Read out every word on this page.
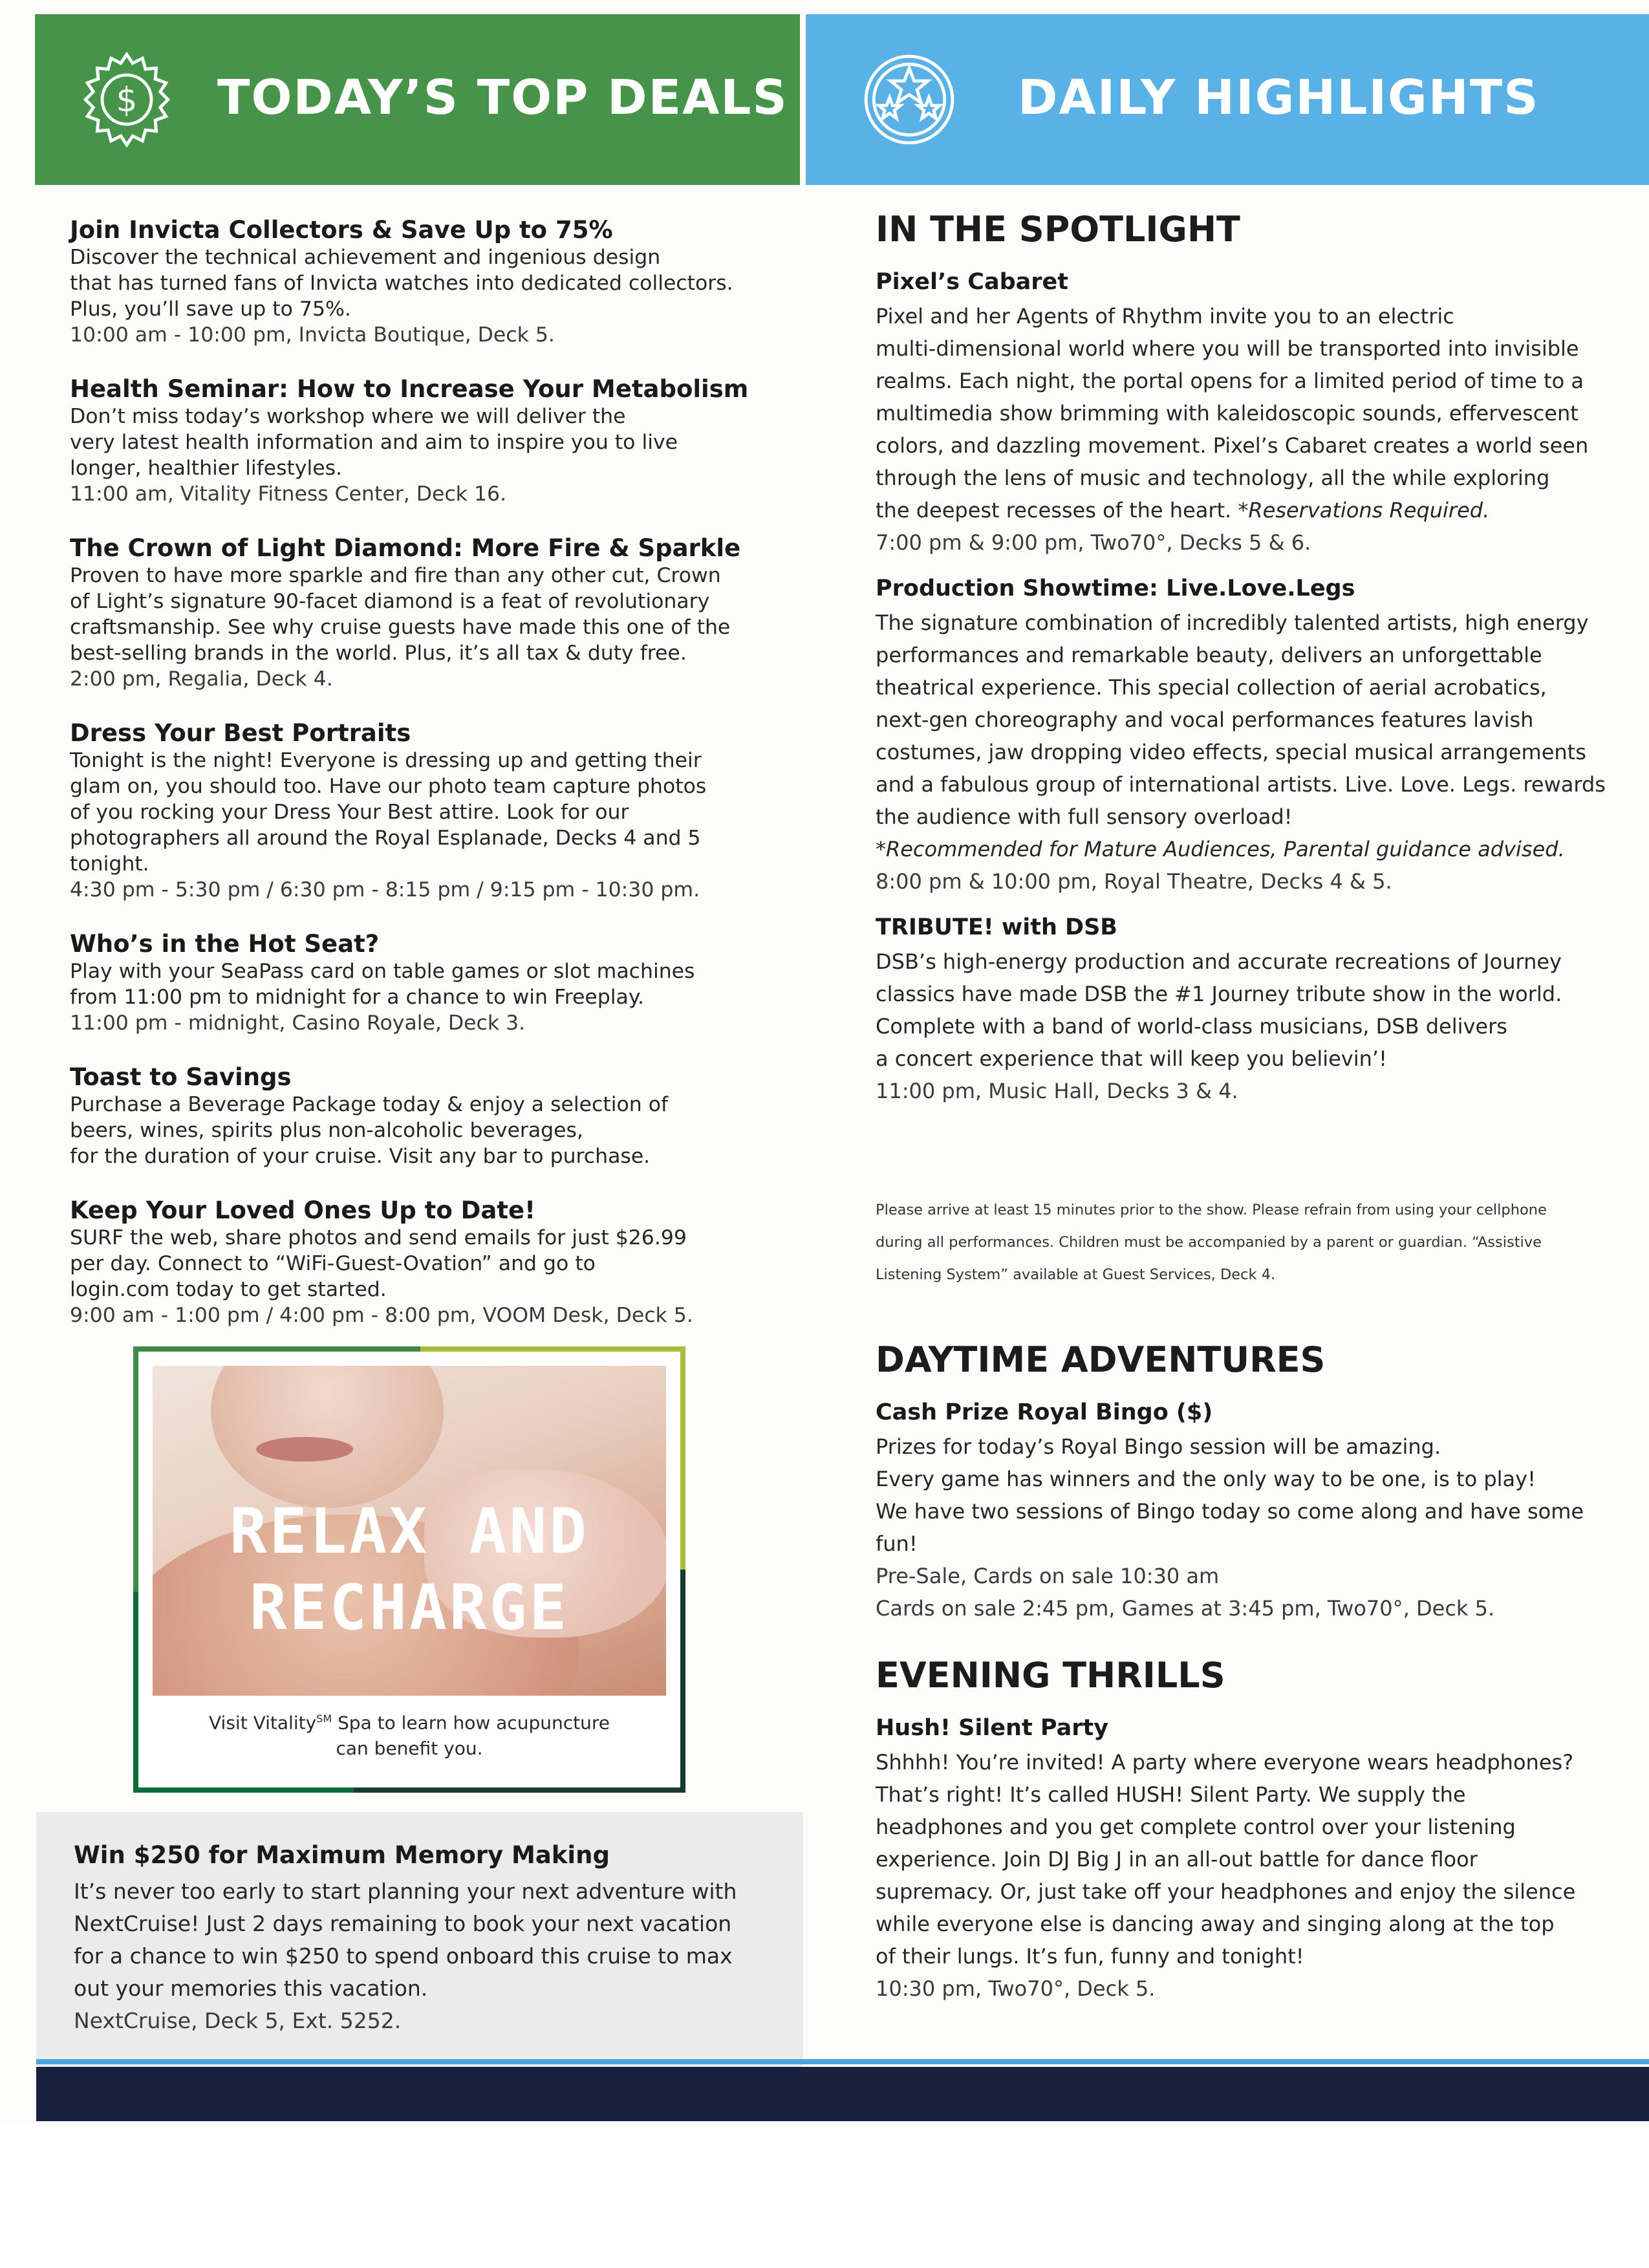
$ TODAY’S TOP DEALS	DAILY HIGHLIGHTS
Join Invicta Collectors & Save Up to 75%
Discover the technical achievement and ingenious design
that has turned fans of Invicta watches into dedicated collectors.
Plus, you’ll save up to 75%.
10:00 am - 10:00 pm, Invicta Boutique, Deck 5.
Health Seminar: How to Increase Your Metabolism
Don’t miss today’s workshop where we will deliver the
very latest health information and aim to inspire you to live
longer, healthier lifestyles.
11:00 am, Vitality Fitness Center, Deck 16.
The Crown of Light Diamond: More Fire & Sparkle
Proven to have more sparkle and fire than any other cut, Crown
of Light’s signature 90-facet diamond is a feat of revolutionary
craftsmanship. See why cruise guests have made this one of the
best-selling brands in the world. Plus, it’s all tax & duty free.
2:00 pm, Regalia, Deck 4.
Dress Your Best Portraits
Tonight is the night! Everyone is dressing up and getting their
glam on, you should too. Have our photo team capture photos
of you rocking your Dress Your Best attire. Look for our
photographers all around the Royal Esplanade, Decks 4 and 5
tonight.
4:30 pm - 5:30 pm / 6:30 pm - 8:15 pm / 9:15 pm - 10:30 pm.
Who’s in the Hot Seat?
Play with your SeaPass card on table games or slot machines
from 11:00 pm to midnight for a chance to win Freeplay.
11:00 pm - midnight, Casino Royale, Deck 3.
Toast to Savings
Purchase a Beverage Package today & enjoy a selection of
beers, wines, spirits plus non-alcoholic beverages,
for the duration of your cruise. Visit any bar to purchase.
Keep Your Loved Ones Up to Date!
SURF the web, share photos and send emails for just $26.99
per day. Connect to “WiFi-Guest-Ovation” and go to
login.com today to get started.
9:00 am - 1:00 pm / 4:00 pm - 8:00 pm, VOOM Desk, Deck 5.
RELAX AND
RECHARGE
Visit Vitality℠ Spa to learn how acupuncture
can benefit you.
Win $250 for Maximum Memory Making
It’s never too early to start planning your next adventure with
NextCruise! Just 2 days remaining to book your next vacation
for a chance to win $250 to spend onboard this cruise to max
out your memories this vacation.
NextCruise, Deck 5, Ext. 5252.
IN THE SPOTLIGHT
Pixel’s Cabaret
Pixel and her Agents of Rhythm invite you to an electric
multi-dimensional world where you will be transported into invisible
realms. Each night, the portal opens for a limited period of time to a
multimedia show brimming with kaleidoscopic sounds, effervescent
colors, and dazzling movement. Pixel’s Cabaret creates a world seen
through the lens of music and technology, all the while exploring
the deepest recesses of the heart. *Reservations Required.
7:00 pm & 9:00 pm, Two70°, Decks 5 & 6.
Production Showtime: Live.Love.Legs
The signature combination of incredibly talented artists, high energy
performances and remarkable beauty, delivers an unforgettable
theatrical experience. This special collection of aerial acrobatics,
next-gen choreography and vocal performances features lavish
costumes, jaw dropping video effects, special musical arrangements
and a fabulous group of international artists. Live. Love. Legs. rewards
the audience with full sensory overload!
*Recommended for Mature Audiences, Parental guidance advised.
8:00 pm & 10:00 pm, Royal Theatre, Decks 4 & 5.
TRIBUTE! with DSB
DSB’s high-energy production and accurate recreations of Journey
classics have made DSB the #1 Journey tribute show in the world.
Complete with a band of world-class musicians, DSB delivers
a concert experience that will keep you believin’!
11:00 pm, Music Hall, Decks 3 & 4.
Please arrive at least 15 minutes prior to the show. Please refrain from using your cellphone
during all performances. Children must be accompanied by a parent or guardian. “Assistive
Listening System” available at Guest Services, Deck 4.
DAYTIME ADVENTURES
Cash Prize Royal Bingo ($)
Prizes for today’s Royal Bingo session will be amazing.
Every game has winners and the only way to be one, is to play!
We have two sessions of Bingo today so come along and have some fun!
Pre-Sale, Cards on sale 10:30 am
Cards on sale 2:45 pm, Games at 3:45 pm, Two70°, Deck 5.
EVENING THRILLS
Hush! Silent Party
Shhhh! You’re invited! A party where everyone wears headphones?
That’s right! It’s called HUSH! Silent Party. We supply the
headphones and you get complete control over your listening
experience. Join DJ Big J in an all-out battle for dance floor
supremacy. Or, just take off your headphones and enjoy the silence
while everyone else is dancing away and singing along at the top
of their lungs. It’s fun, funny and tonight!
10:30 pm, Two70°, Deck 5.
